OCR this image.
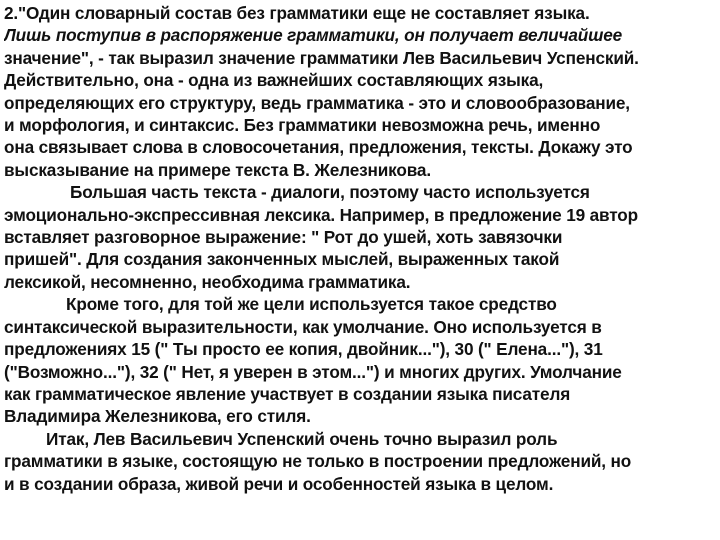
2."Один словарный состав без грамматики еще не составляет языка.
Лишь поступив в распоряжение грамматики, он получает величайшее
значение", - так выразил значение грамматики Лев Васильевич Успенский.
Действительно, она - одна из важнейших составляющих языка,
определяющих его структуру, ведь грамматика - это и словообразование,
и морфология, и синтаксис. Без грамматики невозможна речь, именно
она связывает слова в словосочетания, предложения, тексты. Докажу это
высказывание на примере текста В. Железникова.
Большая часть текста - диалоги, поэтому часто используется
эмоционально-экспрессивная лексика. Например, в предложение 19 автор
вставляет разговорное выражение: " Рот до ушей, хоть завязочки
пришей". Для создания законченных мыслей, выраженных такой
лексикой, несомненно, необходима грамматика.
Кроме того, для той же цели используется такое средство
синтаксической выразительности, как умолчание. Оно используется в
предложениях 15 (" Ты просто ее копия, двойник..."), 30 (" Елена..."), 31
("Возможно..."), 32 (" Нет, я уверен в этом...") и многих других. Умолчание
как грамматическое явление участвует в создании языка писателя
Владимира Железникова, его стиля.
Итак, Лев Васильевич Успенский очень точно выразил роль
грамматики в языке, состоящую не только в построении предложений, но
и в создании образа, живой речи и особенностей языка в целом.
